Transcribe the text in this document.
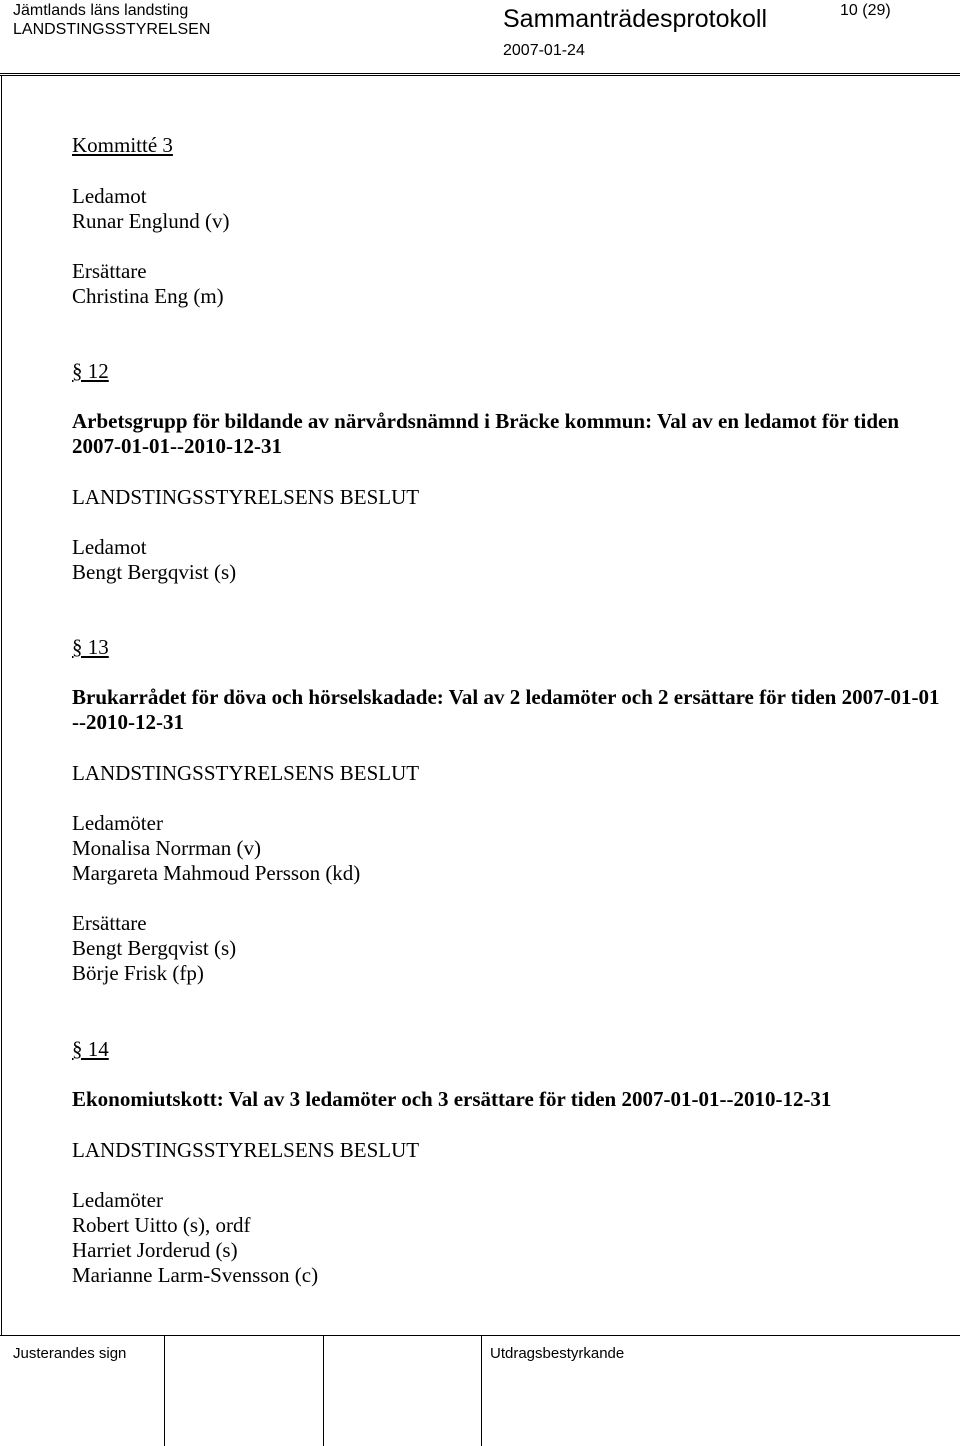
Jämtlands läns landsting
LANDSTINGSSTYRELSEN	Sammanträdesprotokoll
2007-01-24
10 (29)
Kommitté 3
Ledamot
Runar Englund (v)
Ersättare
Christina Eng (m)
§ 12
Arbetsgrupp för bildande av närvårdsnämnd i Bräcke kommun: Val av en ledamot för tiden
2007-01-01--2010-12-31
LANDSTINGSSTYRELSENS BESLUT
Ledamot
Bengt Bergqvist (s)
§ 13
Brukarrådet för döva och hörselskadade: Val av 2 ledamöter och 2 ersättare för tiden 2007-01-01
--2010-12-31
LANDSTINGSSTYRELSENS BESLUT
Ledamöter
Monalisa Norrman (v)
Margareta Mahmoud Persson (kd)
Ersättare
Bengt Bergqvist (s)
Börje Frisk (fp)
§ 14
Ekonomiutskott: Val av 3 ledamöter och 3 ersättare för tiden 2007-01-01--2010-12-31
LANDSTINGSSTYRELSENS BESLUT
Ledamöter
Robert Uitto (s), ordf
Harriet Jorderud (s)
Marianne Larm-Svensson (c)
Justerandes sign	Utdragsbestyrkande
